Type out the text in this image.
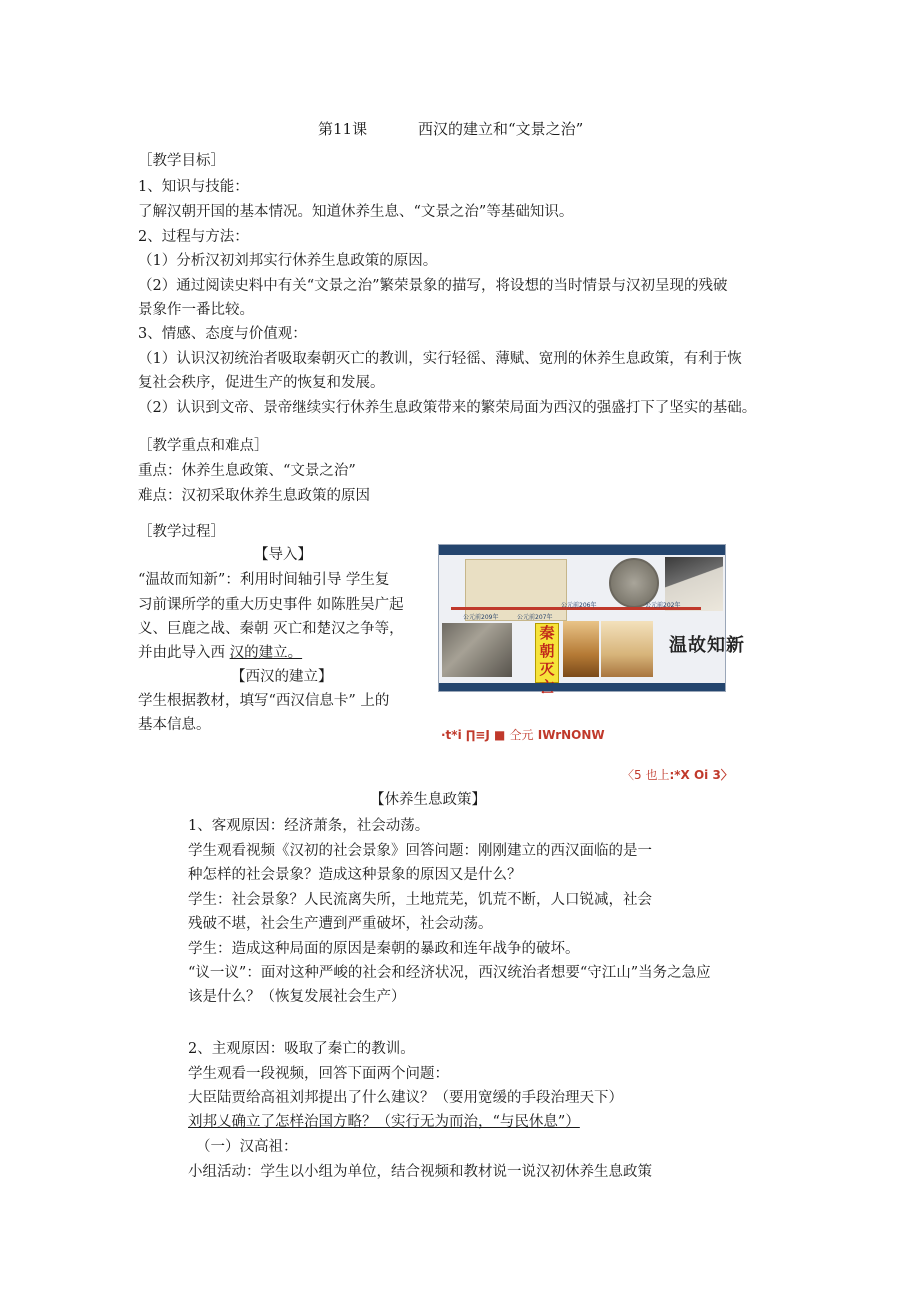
第11课	西汉的建立和“文景之治”
［教学目标］
1、知识与技能：
了解汉朝开国的基本情况。知道休养生息、“文景之治”等基础知识。
2、过程与方法：
（1）分析汉初刘邦实行休养生息政策的原因。
（2）通过阅读史料中有关“文景之治”繁荣景象的描写，将设想的当时情景与汉初呈现的残破
景象作一番比较。
3、情感、态度与价值观：
（1）认识汉初统治者吸取秦朝灭亡的教训，实行轻徭、薄赋、宽刑的休养生息政策，有利于恢
复社会秩序，促进生产的恢复和发展。
（2）认识到文帝、景帝继续实行休养生息政策带来的繁荣局面为西汉的强盛打下了坚实的基础。
［教学重点和难点］
重点：休养生息政策、“文景之治”
难点：汉初采取休养生息政策的原因
［教学过程］
【导入】
“温故而知新”：利用时间轴引导 学生复
习前课所学的重大历史事件 如陈胜吴广起
义、巨鹿之战、秦朝 灭亡和楚汉之争等，
并由此导入西 汉的建立。
【西汉的建立】
学生根据教材，填写“西汉信息卡” 上的
基本信息。
公元前209年	公元前207年
公元前206年	公元前202年
秦朝灭
温故知新
·t*i ∏≡J ■ 仝元 IWrNONW
〈5 也上:*X Oi 3〉
【休养生息政策】
1、客观原因：经济萧条，社会动荡。
学生观看视频《汉初的社会景象》回答问题：刚刚建立的西汉面临的是一
种怎样的社会景象？造成这种景象的原因又是什么？
学生：社会景象？人民流离失所，土地荒芜，饥荒不断，人口锐减，社会
残破不堪，社会生产遭到严重破坏，社会动荡。
学生：造成这种局面的原因是秦朝的暴政和连年战争的破坏。
“议一议”：面对这种严峻的社会和经济状况，西汉统治者想要“守江山”当务之急应
该是什么？（恢复发展社会生产）
2、主观原因：吸取了秦亡的教训。
学生观看一段视频，回答下面两个问题：
大臣陆贾给高祖刘邦提出了什么建议？（要用宽缓的手段治理天下）
刘邦乂确立了怎样治国方略？（实行无为而治，“与民休息”）
（一）汉高祖：
小组活动：学生以小组为单位，结合视频和教材说一说汉初休养生息政策
